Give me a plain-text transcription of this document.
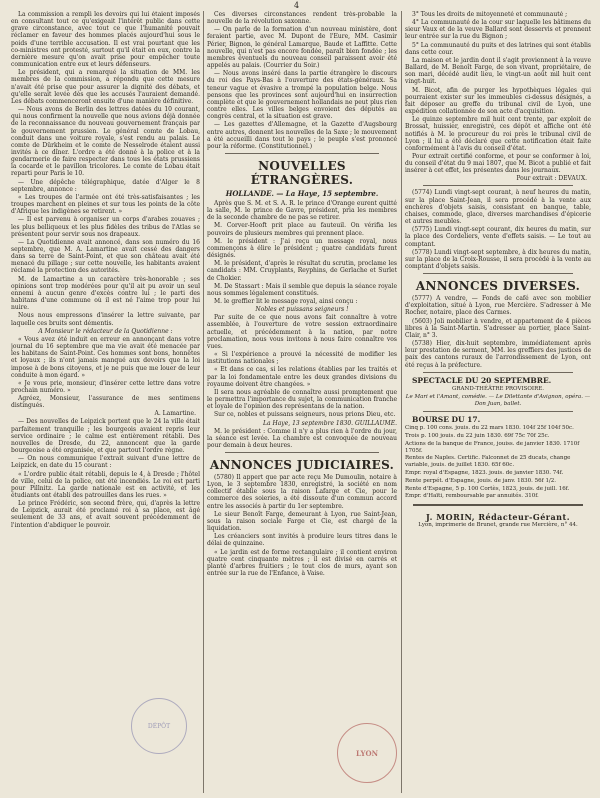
4

La commission a rempli les devoirs qui lui étaient imposés en consultant tout ce qu'exigeait l'intérêt public dans cette grave circonstance, avec tout ce que l'humanité pouvait réclamer en faveur des hommes placés aujourd'hui sous le poids d'une terrible accusation. Il est vrai pourtant que les co-ministres ont protesté, surtout qu'il était en eux, contre la dernière mesure qu'on avait prise pour empêcher toute communication entre eux et leurs défenseurs.

Le président, qui a remarqué la situation de MM. les membres de la commission, a répondu que cette mesure n'avait été prise que pour assurer la dignité des débats, et qu'elle serait levée dès que les accusés l'auraient demandé. Les débats commenceront ensuite d'une manière définitive.

— Nous avons de Berlin des lettres datées du 10 courant, qui nous confirment la nouvelle que nous avions déjà donnée de la reconnaissance du nouveau gouvernement français par le gouvernement prussien. Le général comte de Lobau, conduit dans une voiture royale, s'est rendu au palais. Le comte de Dürkheim et le comte de Nesselrode étaient aussi invités à ce dîner. L'ordre a été donné à la police et à la gendarmerie de faire respecter dans tous les états prussiens la cocarde et le pavillon tricolores. Le comte de Lobau était reparti pour Paris le 10.

— Une dépêche télégraphique, datée d'Alger le 8 septembre, annonce :

« Les troupes de l'armée ont été très-satisfaisantes ; les troupes marchent en pleines et sur tous les points de la côte d'Afrique les indigènes se retirent. »

— Il est parvenu à organiser un corps d'arabes zouaves ; les plus belliqueux et les plus fidèles des tribus de l'Atlas se présentent pour servir sous nos drapeaux.

— La Quotidienne avait annoncé, dans son numéro du 16 septembre, que M. A. Lamartine avait cessé des dangers dans sa terre de Saint-Point, et que son château avait été menacé du pillage ; sur cette nouvelle, les habitants avaient réclamé la protection des autorités.

M. de Lamartine a un caractère très-honorable ; ses opinions sont trop modérées pour qu'il ait pu avoir un seul ennemi à aucun genre d'excès contre lui ; le parti des habitans d'une commune où il est né l'aime trop pour lui nuire.

Nous nous empressons d'insérer la lettre suivante, par laquelle ces bruits sont démentis.

A Monsieur le rédacteur de la Quotidienne :

« Vous avez été induit en erreur en annonçant dans votre journal du 16 septembre que ma vie avait été menacée par les habitans de Saint-Point. Ces hommes sont bons, honnêtes et loyaux ; ils n'ont jamais manqué aux devoirs que la loi impose à de bons citoyens, et je ne puis que me louer de leur conduite à mon égard. »

« Je vous prie, monsieur, d'insérer cette lettre dans votre prochain numéro. »

Agréez, Monsieur, l'assurance de mes sentimens distingués.

A. Lamartine.

— Des nouvelles de Leipzick portent que le 24 la ville était parfaitement tranquille ; les bourgeois avaient repris leur service ordinaire ; le calme est entièrement rétabli. Des nouvelles de Dresde, du 22, annoncent que la garde bourgeoise a été organisée, et que partout l'ordre règne.

— On nous communique l'extrait suivant d'une lettre de Leipzick, en date du 15 courant :

« L'ordre public était rétabli, depuis le 4, à Dresde ; l'hôtel de ville, celui de la police, ont été incendiés. Le roi est parti pour Pillnitz. La garde nationale est en activité, et les étudiants ont établi des patrouilles dans les rues. »

Le prince Frédéric, son second frère, qui, d'après la lettre de Leipzick, aurait été proclamé roi à sa place, est âgé seulement de 33 ans, et avait souvent précédemment de l'intention d'abdiquer le pouvoir.

Ces diverses circonstances rendent très-probable la nouvelle de la révolution saxonne.

— On parle de la formation d'un nouveau ministère, dont feraient partie, avec M. Dupont de l'Eure, MM. Casimir Périer, Bignon, le général Lamarque, Baude et Laffitte. Cette nouvelle, qui n'est pas encore fondée, paraît bien fondée ; les membres éventuels du nouveau conseil paraissent avoir été appelés au palais. (Courrier du Soir.)

— Nous avons inséré dans la partie étrangère le discours du roi des Pays-Bas à l'ouverture des états-généraux. Sa teneur vague et évasive a trompé la population belge. Nous pensons que les provinces sont aujourd'hui en insurrection complète et que le gouvernement hollandais ne peut plus rien contre elles. Les villes belges envoient des députés au congrès central, et la situation est grave.

— Les gazettes d'Allemagne, et la Gazette d'Augsbourg entre autres, donnent les nouvelles de la Saxe ; le mouvement a été accueilli dans tout le pays ; le peuple s'est prononcé pour la réforme. (Constitutionnel.)

NOUVELLES ÉTRANGÈRES.
HOLLANDE. — La Haye, 15 septembre.

Après que S. M. et S. A. R. le prince d'Orange eurent quitté la salle, M. le prince de Gavre, président, pria les membres de la seconde chambre de ne pas se retirer.

M. Corver-Hooft prit place au fauteuil. On vérifia les pouvoirs de plusieurs membres qui prennent place.

M. le président : J'ai reçu un message royal, nous commençons à élire le président ; quatre candidats furent désignés.

M. le président, d'après le résultat du scrutin, proclame les candidats : MM. Cruyplants, Reyphins, de Gerlache et Surlet de Chokier.

M. De Stassart : Mais il semble que depuis la séance royale nous sommes légalement constitués.

M. le greffier lit le message royal, ainsi conçu :

Nobles et puissans seigneurs !

Par suite de ce que nous avons fait connaître à votre assemblée, à l'ouverture de votre session extraordinaire actuelle, et précédemment à la nation, par notre proclamation, nous vous invitons à nous faire connaître vos vues.

« Si l'expérience a prouvé la nécessité de modifier les institutions nationales ;

« Et dans ce cas, si les relations établies par les traités et par la loi fondamentale entre les deux grandes divisions du royaume doivent être changées. »

Il sera nous agréable de connaître aussi promptement que le permettra l'importance du sujet, la communication franche et loyale de l'opinion des représentans de la nation.

Sur ce, nobles et puissans seigneurs, nous prions Dieu, etc.

La Haye, 13 septembre 1830. GUILLAUME.

M. le président : Comme il n'y a plus rien à l'ordre du jour, la séance est levée. La chambre est convoquée de nouveau pour demain à deux heures.

ANNONCES JUDICIAIRES.

(5780) Il appert que par acte reçu Me Dumoulin, notaire à Lyon, le 3 septembre 1830, enregistré, la société en nom collectif établie sous la raison Lafarge et Cie, pour le commerce des soieries, a été dissoute d'un commun accord entre les associés à partir du 1er septembre.

Le sieur Benoît Farge, demeurant à Lyon, rue Saint-Jean, sous la raison sociale Farge et Cie, est chargé de la liquidation.

Les créanciers sont invités à produire leurs titres dans le délai de quinzaine.

« Le jardin est de forme rectangulaire ; il contient environ quatre cent cinquante mètres ; il est divisé en carrés et planté d'arbres fruitiers ; le tout clos de murs, ayant son entrée sur la rue de l'Enfance, à Vaise.

3° Tous les droits de mitoyenneté et communauté ;

4° La communauté de la cour sur laquelle les bâtimens du sieur Vaux et de la veuve Ballard sont desservis et prennent leur entrée sur la rue du Bignon ;

5° La communauté du puits et des latrines qui sont établis dans cette cour.

La maison et le jardin dont il s'agit proviennent à la veuve Ballard, de M. Benoît Farge, de son vivant, propriétaire, de son mari, décédé audit lieu, le vingt-un août mil huit cent vingt-huit.

M. Bicot, afin de purger les hypothèques légales qui pourraient exister sur les immeubles ci-dessus désignés, a fait déposer au greffe du tribunal civil de Lyon, une expédition collationnée de son acte d'acquisition.

Le quinze septembre mil huit cent trente, par exploit de Brossat, huissier, enregistré, ces dépôt et affiche ont été notifiés à M. le procureur du roi près le tribunal civil de Lyon ; il lui a été déclaré que cette notification était faite conformément à l'avis du conseil d'état.

Pour extrait certifié conforme, et pour se conformer à loi, du conseil d'état du 9 mai 1807, que M. Bicot a publié et fait insérer à cet effet, les présentes dans les journaux.

Pour extrait : DEVAUX.

(5774) Lundi vingt-sept courant, à neuf heures du matin, sur la place Saint-Jean, il sera procédé à la vente aux enchères d'objets saisis, consistant en banque, table, chaises, commode, glace, diverses marchandises d'épicerie et autres meubles.

(5775) Lundi vingt-sept courant, dix heures du matin, sur la place des Cordeliers, vente d'effets saisis. — Le tout au comptant.

(5778) Lundi vingt-sept septembre, à dix heures du matin, sur la place de la Croix-Rousse, il sera procédé à la vente au comptant d'objets saisis.

ANNONCES DIVERSES.

(5777) A vendre, — Fonds de café avec son mobilier d'exploitation, situé à Lyon, rue Mercière. S'adresser à Me Rocher, notaire, place des Carmes.

(5603) Joli mobilier à vendre, et appartement de 4 pièces libres à la Saint-Martin. S'adresser au portier, place Saint-Clair, n° 3.

(5738) Hier, dix-huit septembre, immédiatement après leur prestation de serment, MM. les greffiers des justices de paix des cantons ruraux de l'arrondissement de Lyon, ont été reçus à la préfecture.

SPECTACLE DU 20 SEPTEMBRE.

GRAND-THÉÂTRE PROVISOIRE.

Le Mari et l'Amant, comédie. — Le Dilettante d'Avignon, opéra. — Don Juan, ballet.

BOURSE DU 17.

Cinq p. 100 cons. jouis. du 22 mars 1830. 104f 25f 104f 50c.
Trois p. 100 jouis. du 22 juin 1830. 69f 75c 70f 25c.
Actions de la banque de France, jouiss. de janvier 1830. 1710f 1705f.
Rentes de Naples. Certific. Falconnet de 25 ducats, change variable, jouis. de juillet 1830. 65f 60c.
Empr. royal d'Espagne, 1823. jouis. de janvier 1830. 74f.
Rente perpét. d'Espagne, jouis. de janv. 1830. 56f 1/2.
Rente d'Espagne, 5 p. 100 Cortès, 1823, jouis. de juill. 16f.
Empr. d'Haïti, remboursable par annuités. 310f.
J. MORIN, Rédacteur-Gérant.
Lyon, imprimerie de Brunet, grande rue Mercière, n° 44.
DÉPÔT
LYON
